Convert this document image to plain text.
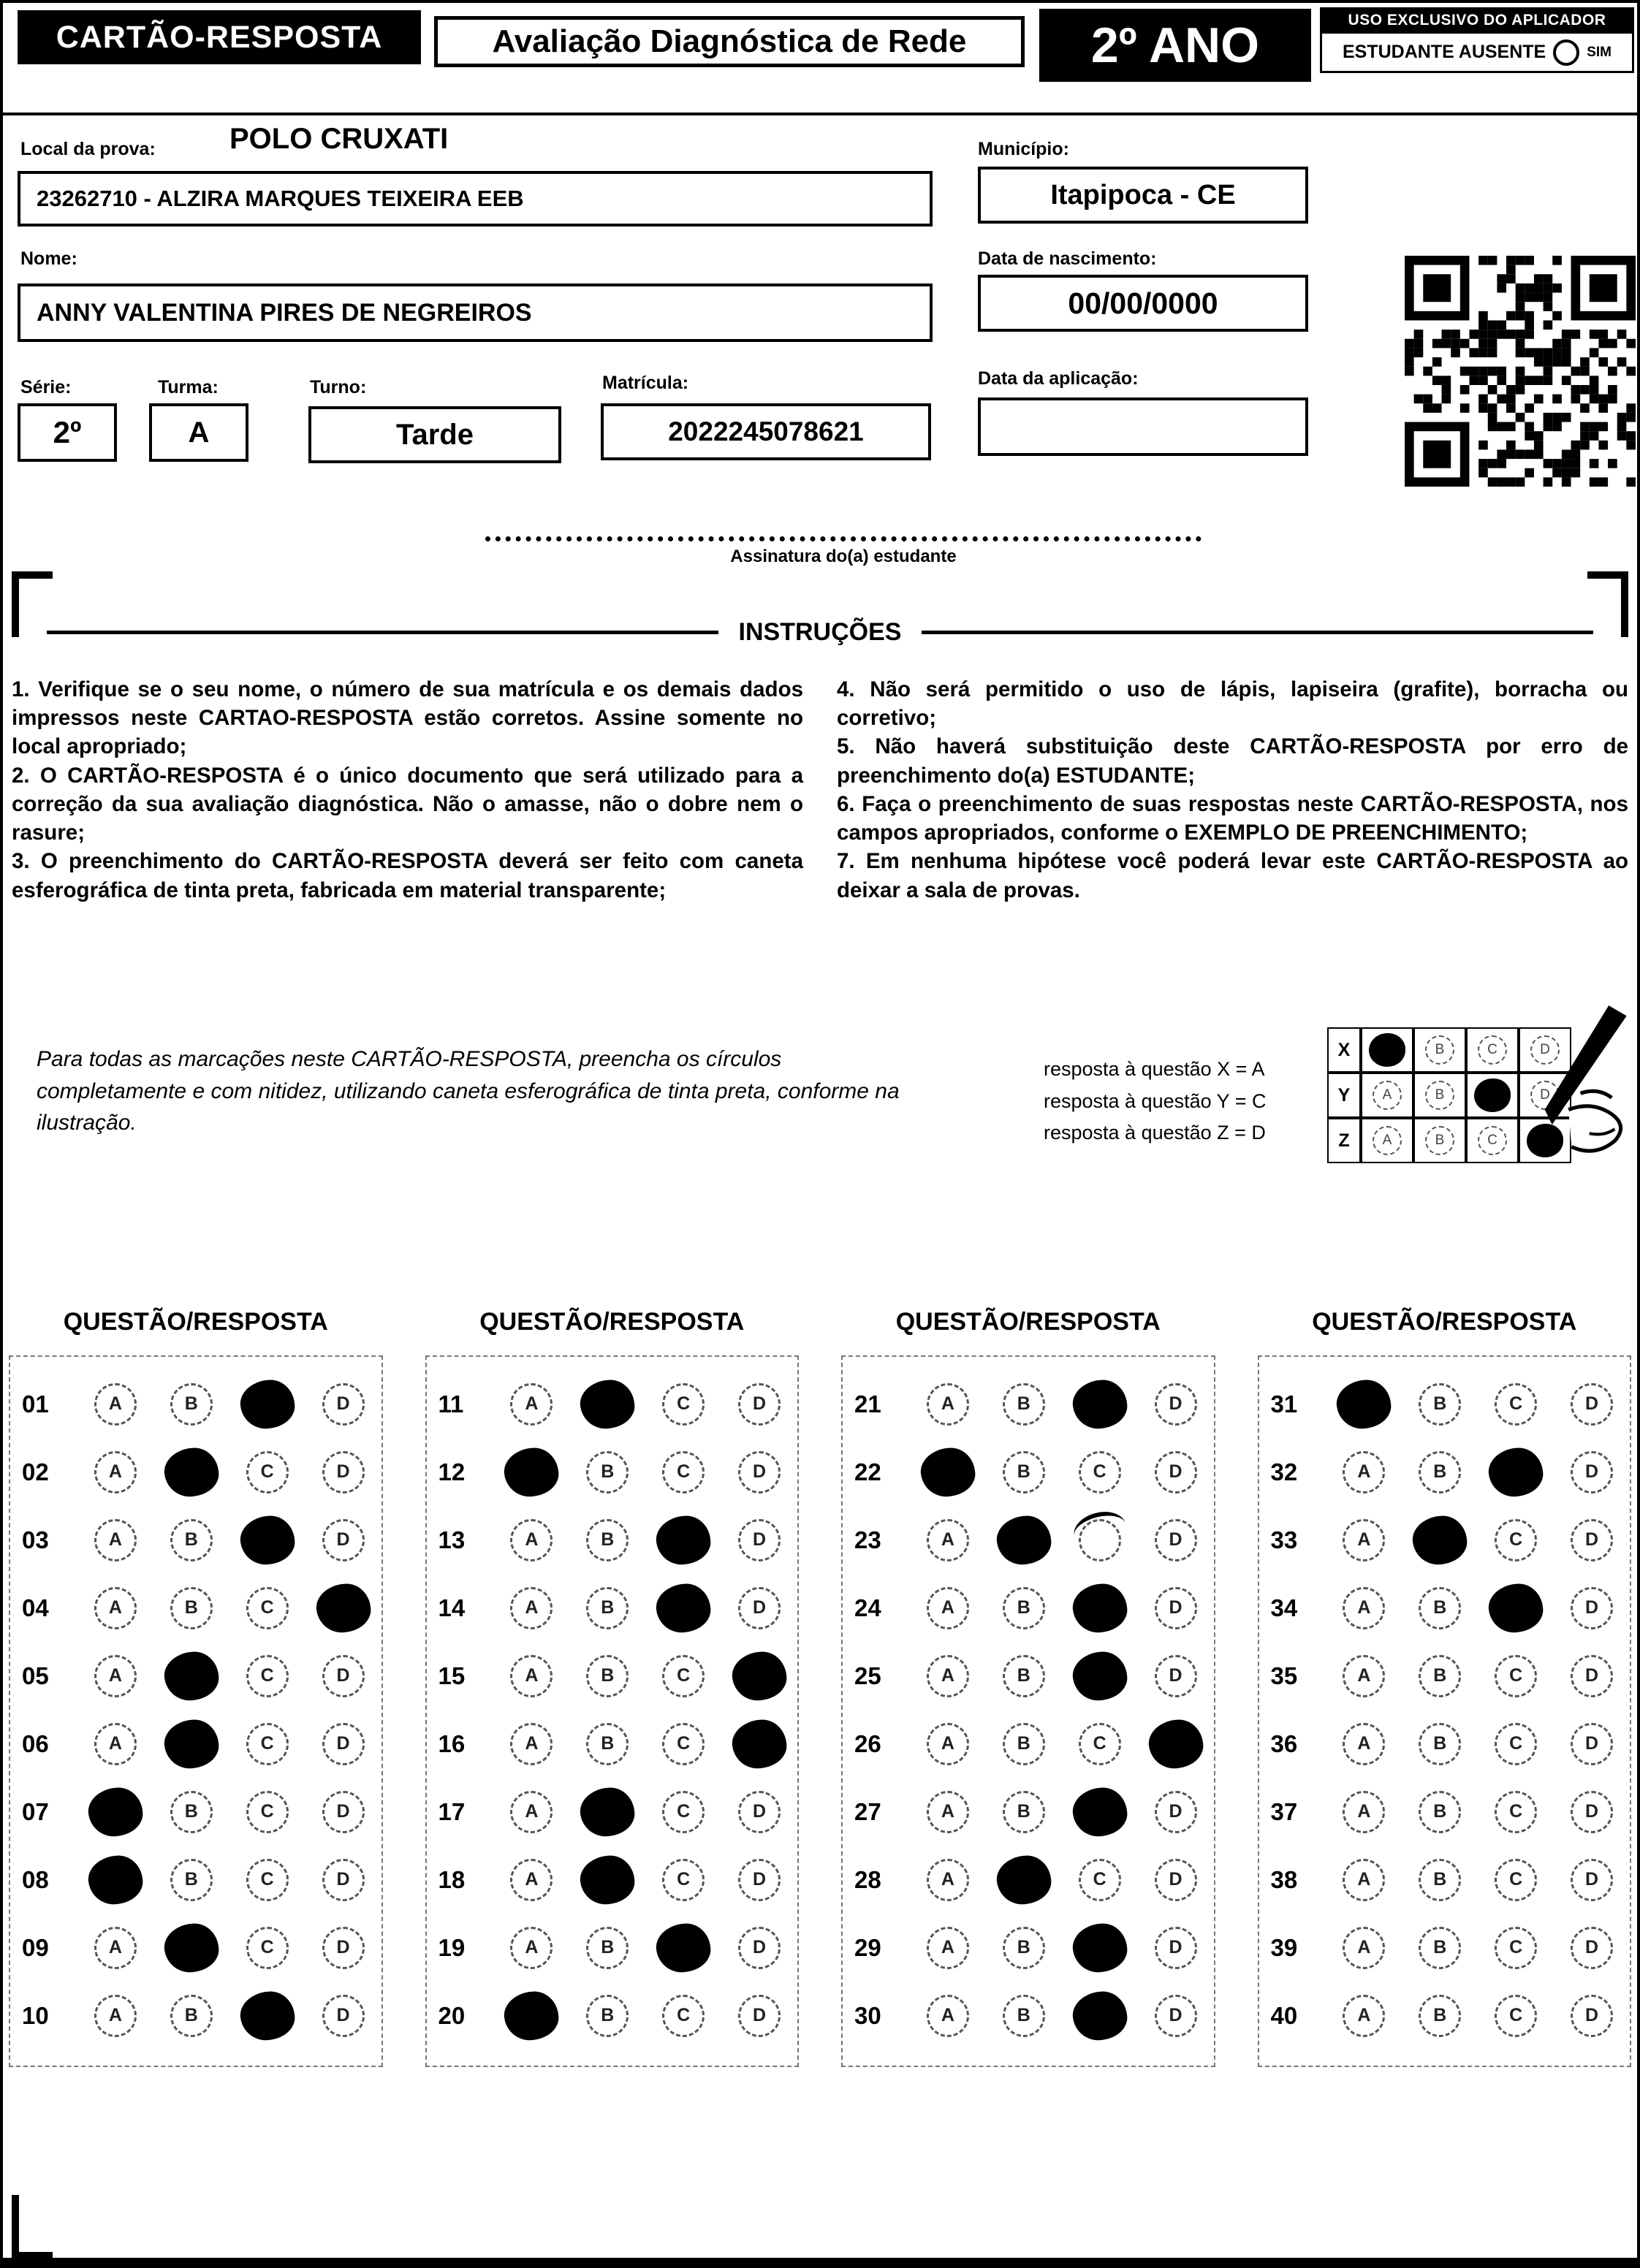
CARTÃO-RESPOSTA	Avaliação Diagnóstica de Rede	2º ANO	USO EXCLUSIVO DO APLICADOR
ESTUDANTE AUSENTE	SIM
Local da prova:	POLO CRUXATI	Município:
23262710 - ALZIRA MARQUES TEIXEIRA EEB	Itapipoca - CE
Nome:	Data de nascimento:
ANNY VALENTINA PIRES DE NEGREIROS	00/00/0000
Série:	Turma:	Turno:	Matrícula:	Data da aplicação:
2º	A	Tarde	2022245078621
Assinatura do(a) estudante
INSTRUÇÕES

1. Verifique se o seu nome, o número de sua matrícula e os demais dados impressos neste CARTAO-RESPOSTA estão corretos. Assine somente no local apropriado;

2. O CARTÃO-RESPOSTA é o único documento que será utilizado para a correção da sua avaliação diagnóstica. Não o amasse, não o dobre nem o rasure;

3. O preenchimento do CARTÃO-RESPOSTA deverá ser feito com caneta esferográfica de tinta preta, fabricada em material transparente;

4. Não será permitido o uso de lápis, lapiseira (grafite), borracha ou corretivo;

5. Não haverá substituição deste CARTÃO-RESPOSTA por erro de preenchimento do(a) ESTUDANTE;

6. Faça o preenchimento de suas respostas neste CARTÃO-RESPOSTA, nos campos apropriados, conforme o EXEMPLO DE PREENCHIMENTO;

7. Em nenhuma hipótese você poderá levar este CARTÃO-RESPOSTA ao deixar a sala de provas.

Para todas as marcações neste CARTÃO-RESPOSTA, preencha os círculos completamente e com nitidez, utilizando caneta esferográfica de tinta preta, conforme na ilustração.
resposta à questão X = A
resposta à questão Y = C
resposta à questão Z = D
X	B	C	D
Y	A	B	D
Z	A	B	C
QUESTÃO/RESPOSTA
01	A	B	D
02	A	C	D
03	A	B	D
04	A	B	C
05	A	C	D
06	A	C	D
07	B	C	D
08	B	C	D
09	A	C	D
10	A	B	D
QUESTÃO/RESPOSTA
11	A	C	D
12	B	C	D
13	A	B	D
14	A	B	D
15	A	B	C
16	A	B	C
17	A	C	D
18	A	C	D
19	A	B	D
20	B	C	D
QUESTÃO/RESPOSTA
21	A	B	D
22	B	C	D
23	A	D
24	A	B	D
25	A	B	D
26	A	B	C
27	A	B	D
28	A	C	D
29	A	B	D
30	A	B	D
QUESTÃO/RESPOSTA
31	B	C	D
32	A	B	D
33	A	C	D
34	A	B	D
35	A	B	C	D
36	A	B	C	D
37	A	B	C	D
38	A	B	C	D
39	A	B	C	D
40	A	B	C	D
